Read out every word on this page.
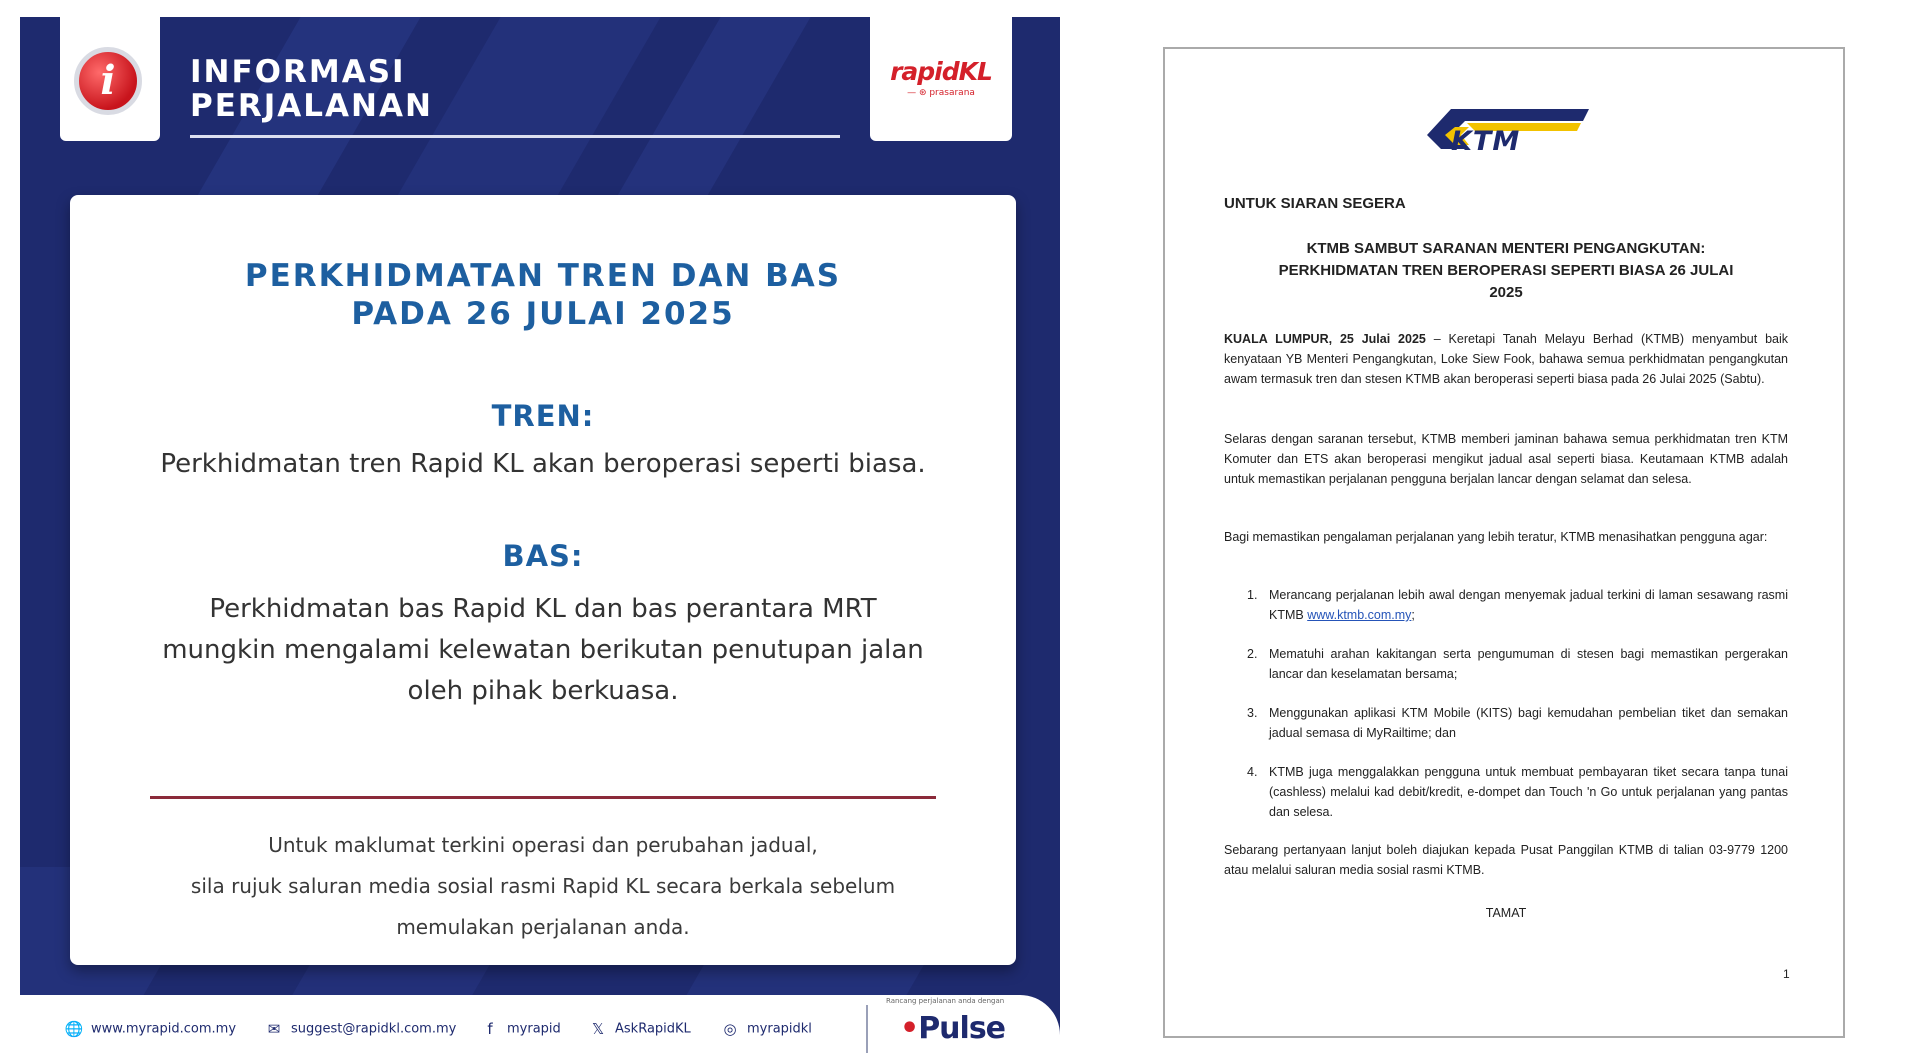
i	INFORMASI
PERJALANAN
rapidKL
— ⊛ prasarana
PERKHIDMATAN TREN DAN BAS
PADA 26 JULAI 2025
TREN:
Perkhidmatan tren Rapid KL akan beroperasi seperti biasa.
BAS:
Perkhidmatan bas Rapid KL dan bas perantara MRT
mungkin mengalami kelewatan berikutan penutupan jalan
oleh pihak berkuasa.
Untuk maklumat terkini operasi dan perubahan jadual,
sila rujuk saluran media sosial rasmi Rapid KL secara berkala sebelum
memulakan perjalanan anda.
🌐 www.myrapid.com.my ✉ suggest@rapidkl.com.my	f myrapid 𝕏 AskRapidKL ◎ myrapidkl
Rancang perjalanan anda dengan
•Pulse
KTM
UNTUK SIARAN SEGERA
KTMB SAMBUT SARANAN MENTERI PENGANGKUTAN:
PERKHIDMATAN TREN BEROPERASI SEPERTI BIASA 26 JULAI
2025
KUALA LUMPUR, 25 Julai 2025 – Keretapi Tanah Melayu Berhad (KTMB) menyambut baik kenyataan YB Menteri Pengangkutan, Loke Siew Fook, bahawa semua perkhidmatan pengangkutan awam termasuk tren dan stesen KTMB akan beroperasi seperti biasa pada 26 Julai 2025 (Sabtu).
Selaras dengan saranan tersebut, KTMB memberi jaminan bahawa semua perkhidmatan tren KTM Komuter dan ETS akan beroperasi mengikut jadual asal seperti biasa. Keutamaan KTMB adalah untuk memastikan perjalanan pengguna berjalan lancar dengan selamat dan selesa.
Bagi memastikan pengalaman perjalanan yang lebih teratur, KTMB menasihatkan pengguna agar:
1. Merancang perjalanan lebih awal dengan menyemak jadual terkini di laman sesawang rasmi KTMB www.ktmb.com.my;
2. Mematuhi arahan kakitangan serta pengumuman di stesen bagi memastikan pergerakan lancar dan keselamatan bersama;
3. Menggunakan aplikasi KTM Mobile (KITS) bagi kemudahan pembelian tiket dan semakan jadual semasa di MyRailtime; dan
4. KTMB juga menggalakkan pengguna untuk membuat pembayaran tiket secara tanpa tunai (cashless) melalui kad debit/kredit, e-dompet dan Touch 'n Go untuk perjalanan yang pantas dan selesa.
Sebarang pertanyaan lanjut boleh diajukan kepada Pusat Panggilan KTMB di talian 03-9779 1200 atau melalui saluran media sosial rasmi KTMB.
TAMAT
1
